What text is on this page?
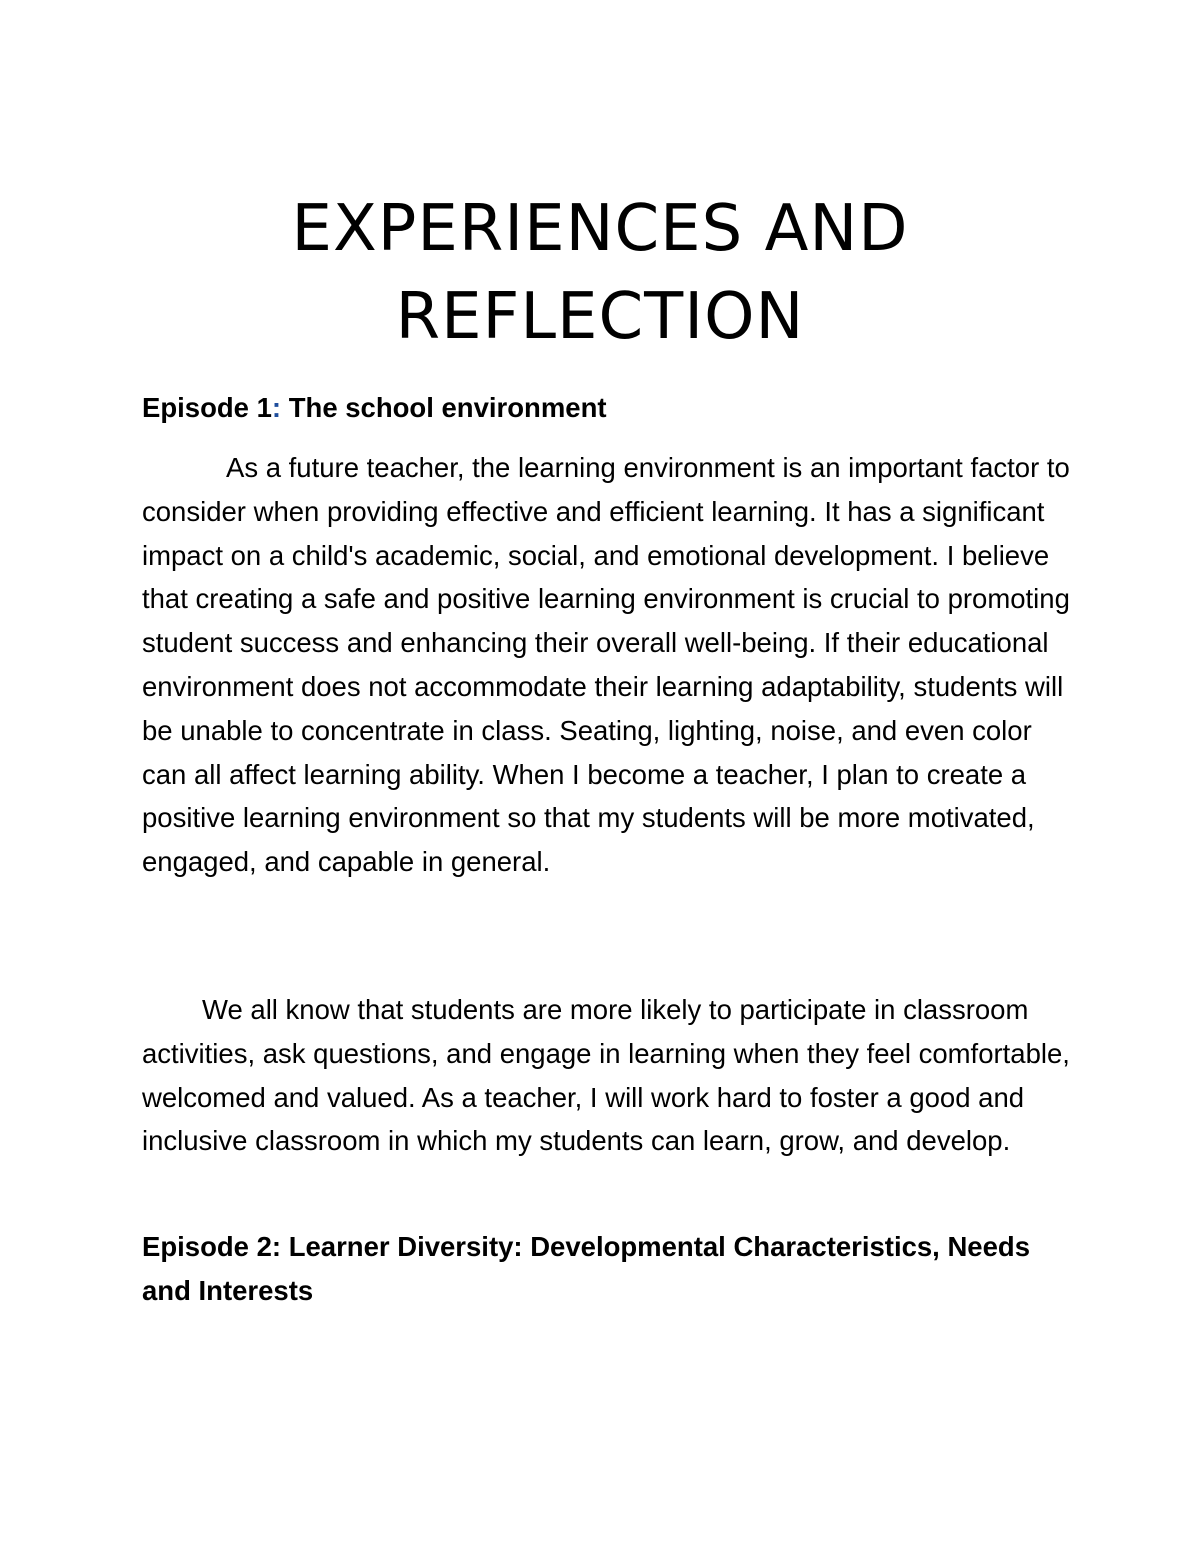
EXPERIENCES AND
REFLECTION
Episode 1: The school environment

As a future teacher, the learning environment is an important factor to consider when providing effective and efficient learning. It has a significant impact on a child's academic, social, and emotional development. I believe that creating a safe and positive learning environment is crucial to promoting student success and enhancing their overall well-being. If their educational environment does not accommodate their learning adaptability, students will be unable to concentrate in class. Seating, lighting, noise, and even color can all affect learning ability. When I become a teacher, I plan to create a positive learning environment so that my students will be more motivated, engaged, and capable in general.

We all know that students are more likely to participate in classroom activities, ask questions, and engage in learning when they feel comfortable, welcomed and valued. As a teacher, I will work hard to foster a good and inclusive classroom in which my students can learn, grow, and develop.

Episode 2: Learner Diversity: Developmental Characteristics, Needs and Interests
